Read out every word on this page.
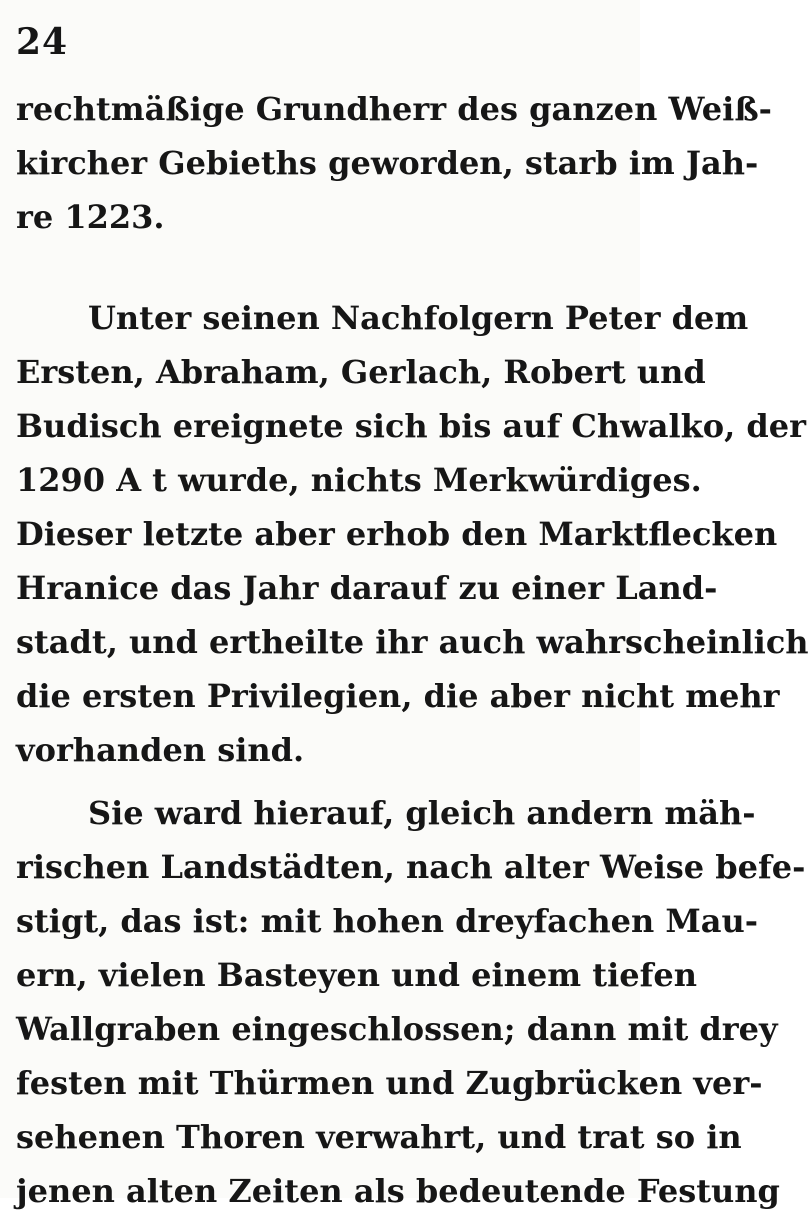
24
rechtmäßige Grundherr des ganzen Weiß-
kircher Gebieths geworden, starb im Jah-
re 1223.
Unter seinen Nachfolgern Peter dem
Ersten, Abraham, Gerlach, Robert und
Budisch ereignete sich bis auf Chwalko, der
1290 A t wurde, nichts Merkwürdiges.
Dieser letzte aber erhob den Marktflecken
Hranice das Jahr darauf zu einer Land-
stadt, und ertheilte ihr auch wahrscheinlich
die ersten Privilegien, die aber nicht mehr
vorhanden sind.
Sie ward hierauf, gleich andern mäh-
rischen Landstädten, nach alter Weise befe-
stigt, das ist: mit hohen dreyfachen Mau-
ern, vielen Basteyen und einem tiefen
Wallgraben eingeschlossen; dann mit drey
festen mit Thürmen und Zugbrücken ver-
sehenen Thoren verwahrt, und trat so in
jenen alten Zeiten als bedeutende Festung
